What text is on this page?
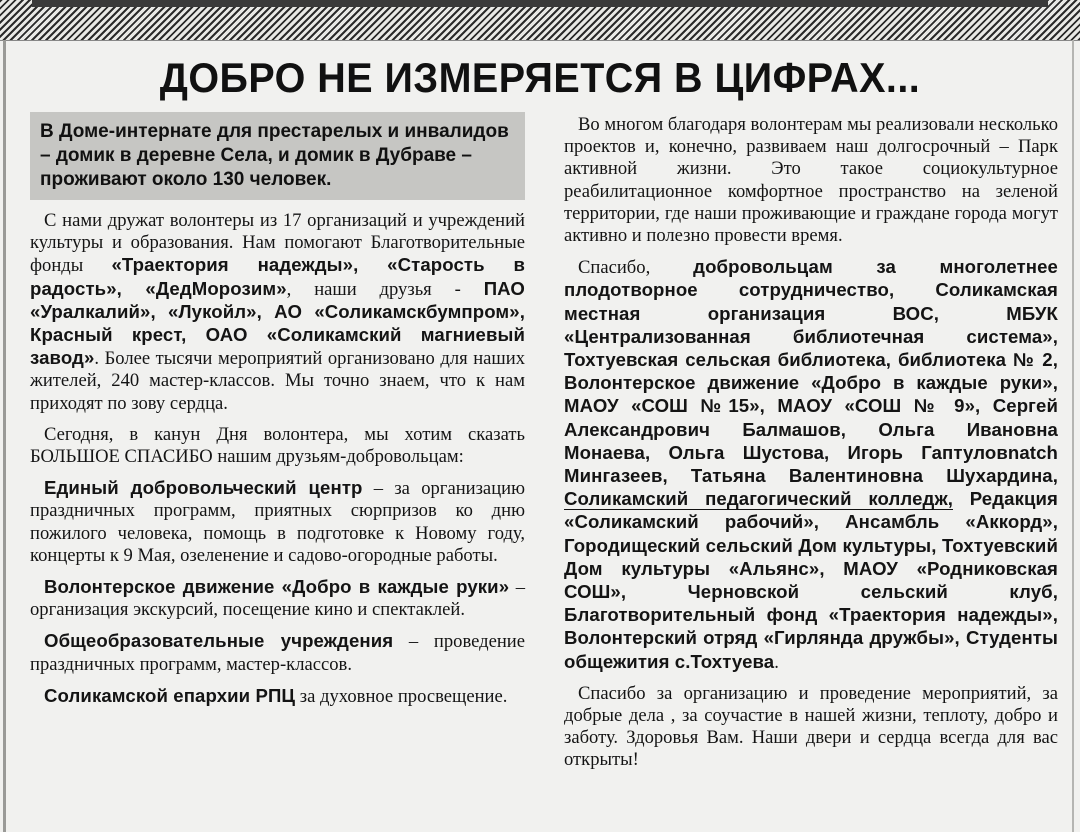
ДОБРО НЕ ИЗМЕРЯЕТСЯ В ЦИФРАХ...
В Доме-интернате для престарелых и инвалидов – домик в деревне Села, и домик в Дубраве – проживают около 130 человек.

С нами дружат волонтеры из 17 организаций и учреждений культуры и образования. Нам помогают Благотворительные фонды «Траектория надежды», «Старость в радость», «ДедМорозим», наши друзья - ПАО «Уралкалий», «Лукойл», АО «Соликамскбумпром», Красный крест, ОАО «Соликамский магниевый завод». Более тысячи мероприятий организовано для наших жителей, 240 мастер-классов. Мы точно знаем, что к нам приходят по зову сердца.

Сегодня, в канун Дня волонтера, мы хотим сказать БОЛЬШОЕ СПАСИБО нашим друзьям-добровольцам:

Единый добровольческий центр – за организацию праздничных программ, приятных сюрпризов ко дню пожилого человека, помощь в подготовке к Новому году, концерты к 9 Мая, озеленение и садово-огородные работы.

Волонтерское движение «Добро в каждые руки» – организация экскурсий, посещение кино и спектаклей.

Общеобразовательные учреждения – проведение праздничных программ, мастер-классов.

Соликамской епархии РПЦ за духовное просвещение.

Во многом благодаря волонтерам мы реализовали несколько проектов и, конечно, развиваем наш долгосрочный – Парк активной жизни. Это такое социокультурное реабилитационное комфортное пространство на зеленой территории, где наши проживающие и граждане города могут активно и полезно провести время.

Спасибо, добровольцам за многолетнее плодотворное сотрудничество, Соликамская местная организация ВОС, МБУК «Централизованная библиотечная система», Тохтуевская сельская библиотека, библиотека № 2, Волонтерское движение «Добро в каждые руки», МАОУ «СОШ №15», МАОУ «СОШ № 9», Сергей Александрович Балмашов, Ольга Ивановна Монаева, Ольга Шустова, Игорь Гаптуловnatch Мингазеев, Татьяна Валентиновна Шухардина, Соликамский педагогический колледж, Редакция «Соликамский рабочий», Ансамбль «Аккорд», Городищеский сельский Дом культуры, Тохтуевский Дом культуры «Альянс», МАОУ «Родниковская СОШ», Черновской сельский клуб, Благотворительный фонд «Траектория надежды», Волонтерский отряд «Гирлянда дружбы», Студенты общежития с.Тохтуева.

Спасибо за организацию и проведение мероприятий, за добрые дела , за соучастие в нашей жизни, теплоту, добро и заботу. Здоровья Вам. Наши двери и сердца всегда для вас открыты!
